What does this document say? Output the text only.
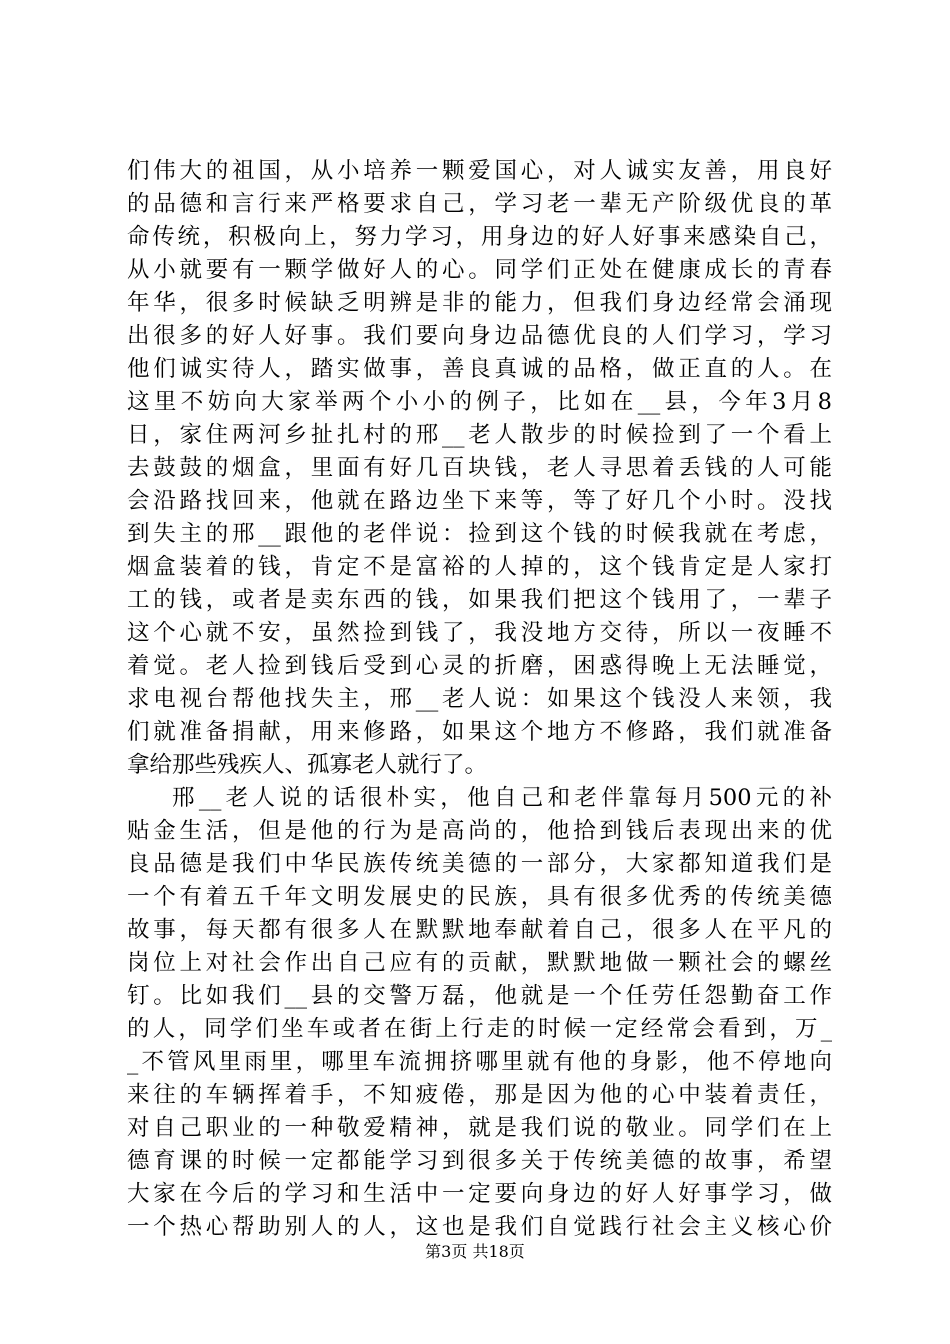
们伟大的祖国，从小培养一颗爱国心，对人诚实友善，用良好
的品德和言行来严格要求自己，学习老一辈无产阶级优良的革
命传统，积极向上，努力学习，用身边的好人好事来感染自己，
从小就要有一颗学做好人的心。同学们正处在健康成长的青春
年华，很多时候缺乏明辨是非的能力，但我们身边经常会涌现
出很多的好人好事。我们要向身边品德优良的人们学习，学习
他们诚实待人，踏实做事，善良真诚的品格，做正直的人。在
这里不妨向大家举两个小小的例子，比如在__县，今年3月8
日，家住两河乡扯扎村的邢__老人散步的时候捡到了一个看上
去鼓鼓的烟盒，里面有好几百块钱，老人寻思着丢钱的人可能
会沿路找回来，他就在路边坐下来等，等了好几个小时。没找
到失主的邢__跟他的老伴说：捡到这个钱的时候我就在考虑，
烟盒装着的钱，肯定不是富裕的人掉的，这个钱肯定是人家打
工的钱，或者是卖东西的钱，如果我们把这个钱用了，一辈子
这个心就不安，虽然捡到钱了，我没地方交待，所以一夜睡不
着觉。老人捡到钱后受到心灵的折磨，困惑得晚上无法睡觉，
求电视台帮他找失主，邢__老人说：如果这个钱没人来领，我
们就准备捐献，用来修路，如果这个地方不修路，我们就准备
拿给那些残疾人、孤寡老人就行了。
邢__老人说的话很朴实，他自己和老伴靠每月500元的补
贴金生活，但是他的行为是高尚的，他拾到钱后表现出来的优
良品德是我们中华民族传统美德的一部分，大家都知道我们是
一个有着五千年文明发展史的民族，具有很多优秀的传统美德
故事，每天都有很多人在默默地奉献着自己，很多人在平凡的
岗位上对社会作出自己应有的贡献，默默地做一颗社会的螺丝
钉。比如我们__县的交警万磊，他就是一个任劳任怨勤奋工作
的人，同学们坐车或者在街上行走的时候一定经常会看到，万_
_不管风里雨里，哪里车流拥挤哪里就有他的身影，他不停地向
来往的车辆挥着手，不知疲倦，那是因为他的心中装着责任，
对自己职业的一种敬爱精神，就是我们说的敬业。同学们在上
德育课的时候一定都能学习到很多关于传统美德的故事，希望
大家在今后的学习和生活中一定要向身边的好人好事学习，做
一个热心帮助别人的人，这也是我们自觉践行社会主义核心价
第3页 共18页
